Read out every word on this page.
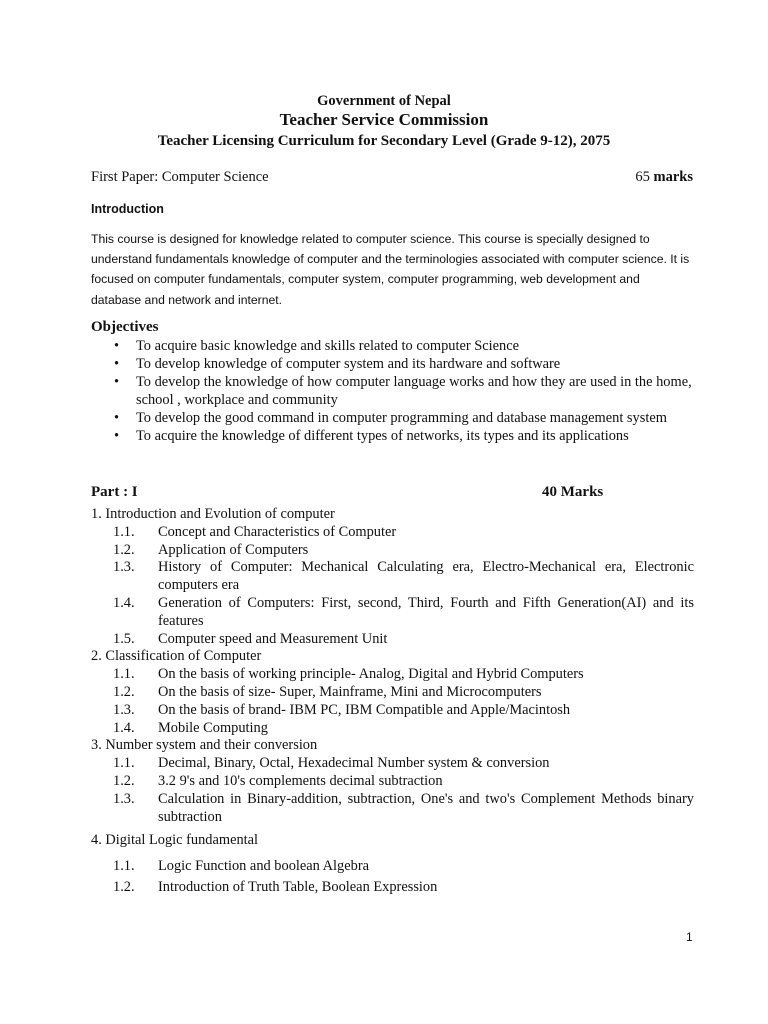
Government of Nepal
Teacher Service Commission
Teacher Licensing Curriculum for Secondary Level (Grade 9-12), 2075
First Paper: Computer Science	65 marks
Introduction
This course is designed for knowledge related to computer science. This course is specially designed to understand fundamentals knowledge of computer and the terminologies associated with computer science. It is focused on computer fundamentals, computer system, computer programming, web development and database and network and internet.
Objectives
• To acquire basic knowledge and skills related to computer Science
• To develop knowledge of computer system and its hardware and software
• To develop the knowledge of how computer language works and how they are used in the home, school , workplace and community
• To develop the good command in computer programming and database management system
• To acquire the knowledge of different types of networks, its types and its applications
Part : I	40 Marks
1. Introduction and Evolution of computer
1.1. Concept and Characteristics of Computer
1.2. Application of Computers
1.3. History of Computer: Mechanical Calculating era, Electro-Mechanical era, Electronic computers era
1.4. Generation of Computers: First, second, Third, Fourth and Fifth Generation(AI) and its features
1.5. Computer speed and Measurement Unit
2. Classification of Computer
1.1. On the basis of working principle- Analog, Digital and Hybrid Computers
1.2. On the basis of size- Super, Mainframe, Mini and Microcomputers
1.3. On the basis of brand- IBM PC, IBM Compatible and Apple/Macintosh
1.4. Mobile Computing
3. Number system and their conversion
1.1. Decimal, Binary, Octal, Hexadecimal Number system & conversion
1.2. 3.2 9's and 10's complements decimal subtraction
1.3. Calculation in Binary-addition, subtraction, One's and two's Complement Methods binary subtraction
4. Digital Logic fundamental
1.1. Logic Function and boolean Algebra
1.2. Introduction of Truth Table, Boolean Expression
1
